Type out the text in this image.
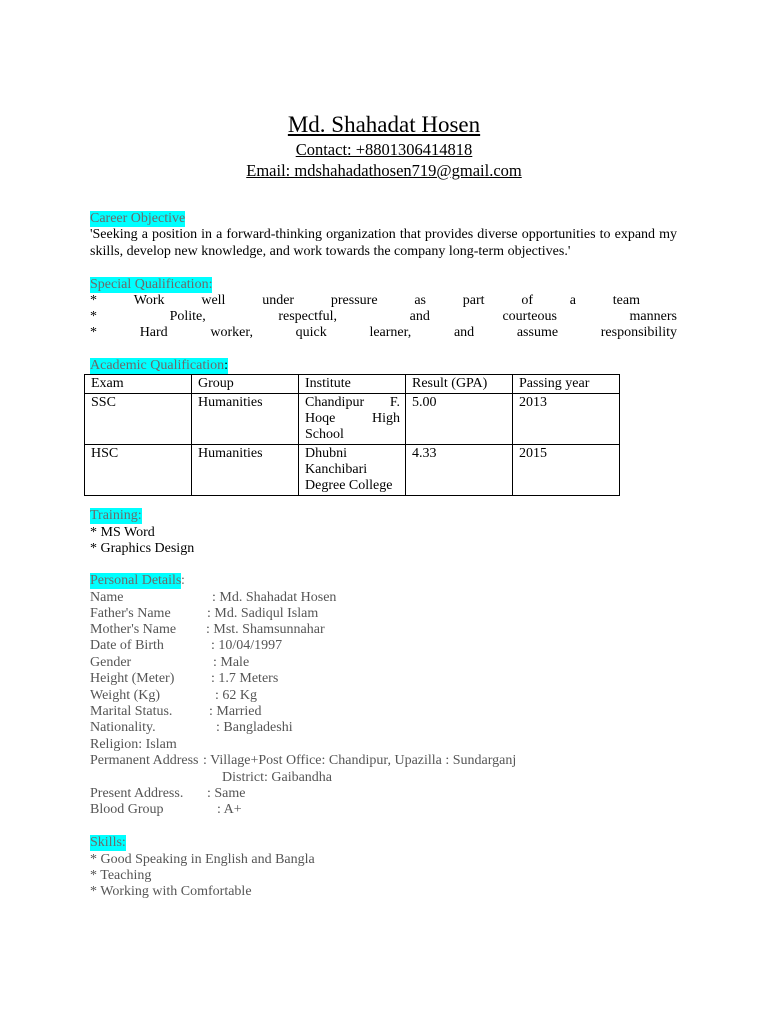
Md. Shahadat Hosen
Contact: +8801306414818
Email: mdshahadathosen719@gmail.com
Career Objective
'Seeking a position in a forward-thinking organization that provides diverse opportunities to expand my skills, develop new knowledge, and work towards the company long-term objectives.'
Special Qualification:
*	Work	well	under	pressure	as	part	of	a	team
*	Polite,	respectful,	and	courteous	manners
*	Hard	worker,	quick	learner,	and	assume	responsibility
Academic Qualification:
Exam	Group	Institute	Result (GPA)	Passing year
SSC	Humanities	Chandipur F. Hoqe High School	5.00	2013
HSC	Humanities	Dhubni Kanchibari Degree College	4.33	2015
Training:
* MS Word
* Graphics Design
Personal Details :
Name	: Md. Shahadat Hosen
Father's Name	: Md. Sadiqul Islam
Mother's Name : Mst. Shamsunnahar
Date of Birth	: 10/04/1997
Gender	: Male
Height (Meter)	: 1.7 Meters
Weight (Kg)	: 62 Kg
Marital Status.	: Married
Nationality.	: Bangladeshi
Religion: Islam
Permanent Address : Village+Post Office: Chandipur, Upazilla : Sundarganj
District: Gaibandha
Present Address. : Same
Blood Group	: A+
Skills:
* Good Speaking in English and Bangla
* Teaching
* Working with Comfortable
